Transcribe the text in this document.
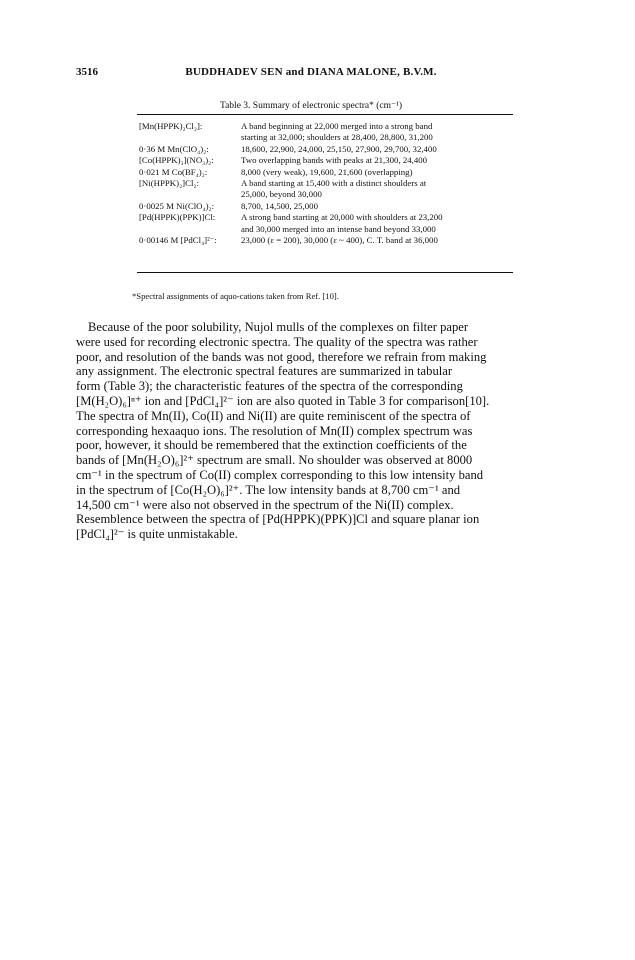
3516	BUDDHADEV SEN and DIANA MALONE, B.V.M.
Table 3. Summary of electronic spectra* (cm⁻¹)
[Mn(HPPK)₂Cl₂]:	A band beginning at 22,000 merged into a strong band
starting at 32,000; shoulders at 28,400, 28,800, 31,200
0·36 M Mn(ClO₄)₂:	18,600, 22,900, 24,000, 25,150, 27,900, 29,700, 32,400
[Co(HPPK)₃](NO₃)₂:	Two overlapping bands with peaks at 21,300, 24,400
0·021 M Co(BF₄)₂:	8,000 (very weak), 19,600, 21,600 (overlapping)
[Ni(HPPK)₂]Cl₂:	A band starting at 15,400 with a distinct shoulders at
25,000, beyond 30,000
0·0025 M Ni(ClO₄)₂:	8,700, 14,500, 25,000
[Pd(HPPK)(PPK)]Cl:	A strong band starting at 20,000 with shoulders at 23,200
and 30,000 merged into an intense band beyond 33,000
0·00146 M [PdCl₄]²⁻:	23,000 (ε = 200), 30,000 (ε ~ 400), C. T. band at 36,000
*Spectral assignments of aquo-cations taken from Ref. [10].
Because of the poor solubility, Nujol mulls of the complexes on filter paper
were used for recording electronic spectra. The quality of the spectra was rather
poor, and resolution of the bands was not good, therefore we refrain from making
any assignment. The electronic spectral features are summarized in tabular
form (Table 3); the characteristic features of the spectra of the corresponding
[M(H₂O)₆]ⁿ⁺ ion and [PdCl₄]²⁻ ion are also quoted in Table 3 for comparison[10].
The spectra of Mn(II), Co(II) and Ni(II) are quite reminiscent of the spectra of
corresponding hexaaquo ions. The resolution of Mn(II) complex spectrum was
poor, however, it should be remembered that the extinction coefficients of the
bands of [Mn(H₂O)₆]²⁺ spectrum are small. No shoulder was observed at 8000
cm⁻¹ in the spectrum of Co(II) complex corresponding to this low intensity band
in the spectrum of [Co(H₂O)₆]²⁺. The low intensity bands at 8,700 cm⁻¹ and
14,500 cm⁻¹ were also not observed in the spectrum of the Ni(II) complex.
Resemblence between the spectra of [Pd(HPPK)(PPK)]Cl and square planar ion
[PdCl₄]²⁻ is quite unmistakable.
